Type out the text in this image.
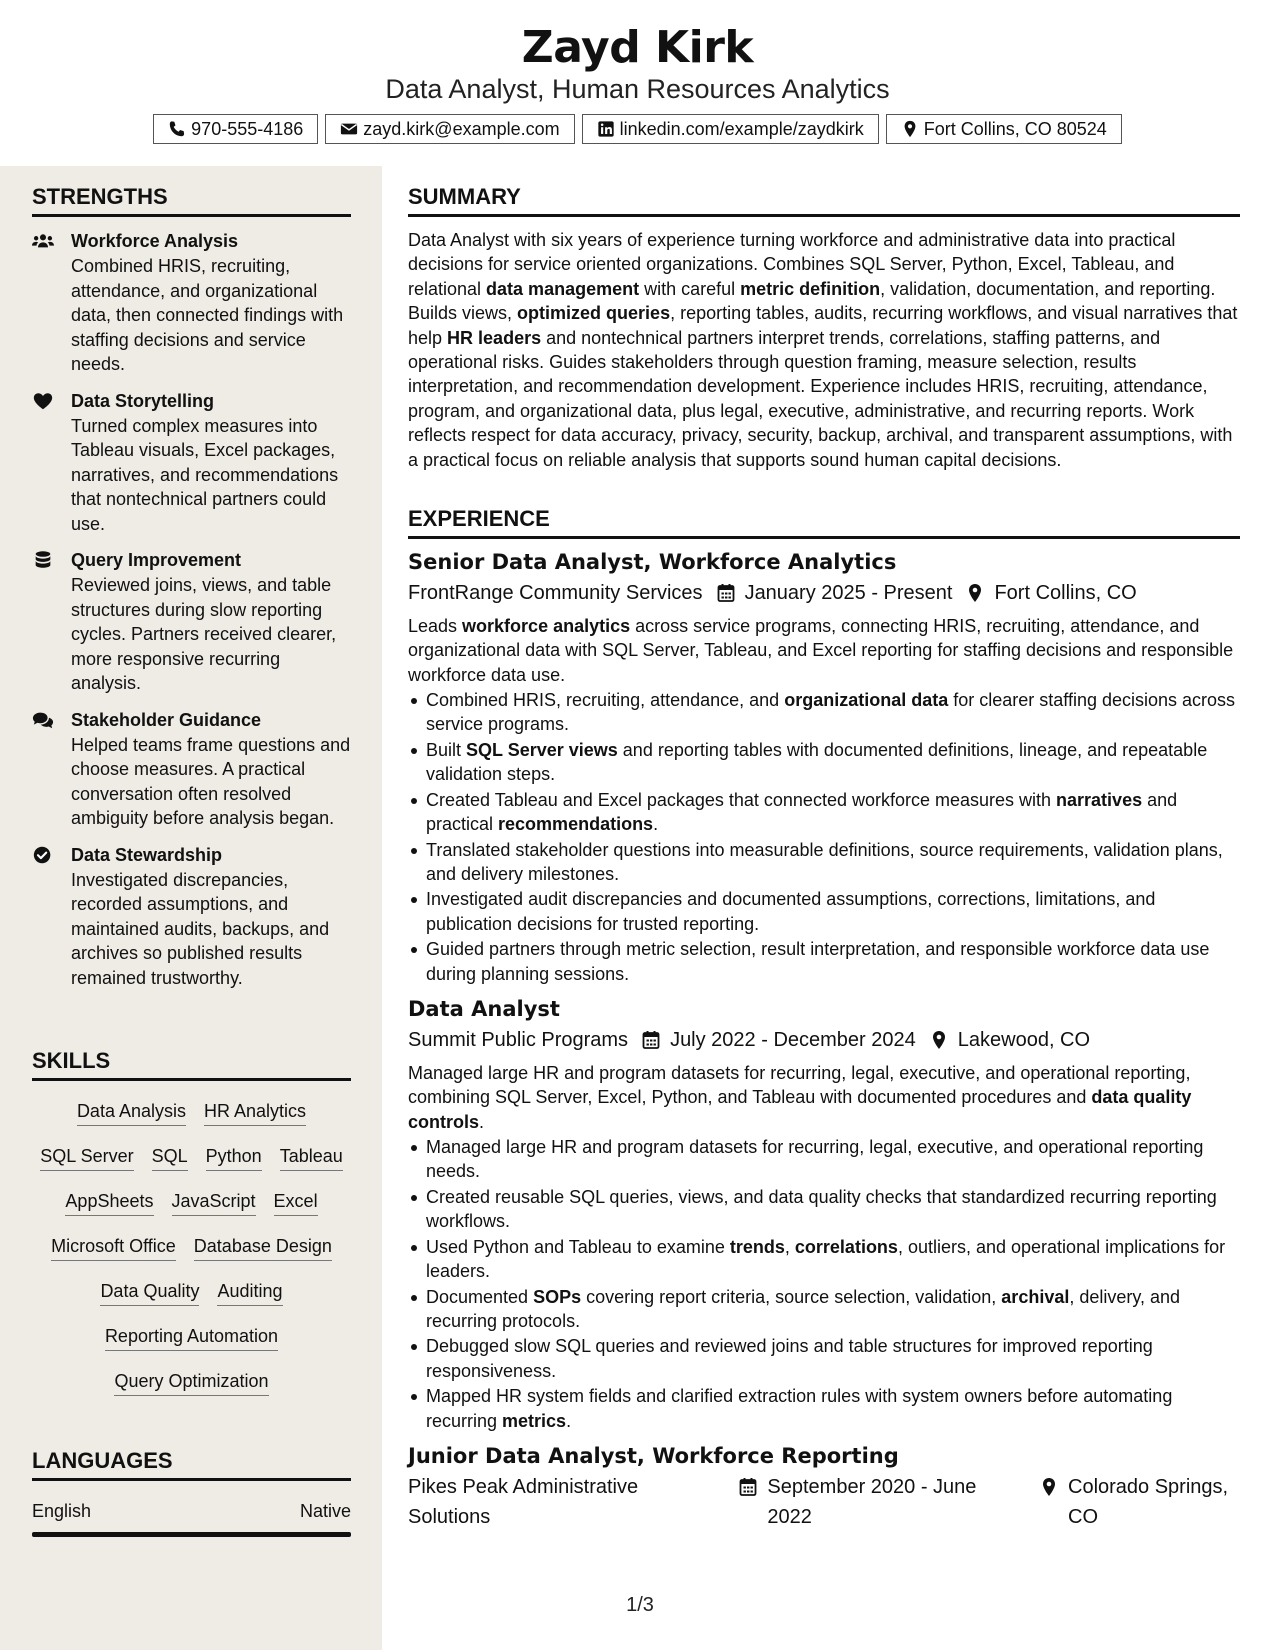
Zayd Kirk
Data Analyst, Human Resources Analytics
970-555-4186	zayd.kirk@example.com	linkedin.com/example/zaydkirk	Fort Collins, CO 80524
STRENGTHS
Workforce Analysis
Combined HRIS, recruiting, attendance, and organizational data, then connected findings with staffing decisions and service needs.
Data Storytelling
Turned complex measures into Tableau visuals, Excel packages, narratives, and recommendations that nontechnical partners could use.
Query Improvement
Reviewed joins, views, and table structures during slow reporting cycles. Partners received clearer, more responsive recurring analysis.
Stakeholder Guidance
Helped teams frame questions and choose measures. A practical conversation often resolved ambiguity before analysis began.
Data Stewardship
Investigated discrepancies, recorded assumptions, and maintained audits, backups, and archives so published results remained trustworthy.
SKILLS
Data Analysis HR Analytics
SQL Server SQL Python Tableau
AppSheets JavaScript Excel
Microsoft Office Database Design
Data Quality Auditing
Reporting Automation
Query Optimization
LANGUAGES
English	Native
SUMMARY

Data Analyst with six years of experience turning workforce and administrative data into practical decisions for service oriented organizations. Combines SQL Server, Python, Excel, Tableau, and relational data management with careful metric definition, validation, documentation, and reporting. Builds views, optimized queries, reporting tables, audits, recurring workflows, and visual narratives that help HR leaders and nontechnical partners interpret trends, correlations, staffing patterns, and operational risks. Guides stakeholders through question framing, measure selection, results interpretation, and recommendation development. Experience includes HRIS, recruiting, attendance, program, and organizational data, plus legal, executive, administrative, and recurring reports. Work reflects respect for data accuracy, privacy, security, backup, archival, and transparent assumptions, with a practical focus on reliable analysis that supports sound human capital decisions.

EXPERIENCE
Senior Data Analyst, Workforce Analytics
FrontRange Community Services January 2025 - Present Fort Collins, CO
Leads workforce analytics across service programs, connecting HRIS, recruiting, attendance, and organizational data with SQL Server, Tableau, and Excel reporting for staffing decisions and responsible workforce data use.
Combined HRIS, recruiting, attendance, and organizational data for clearer staffing decisions across service programs.
Built SQL Server views and reporting tables with documented definitions, lineage, and repeatable validation steps.
Created Tableau and Excel packages that connected workforce measures with narratives and practical recommendations.
Translated stakeholder questions into measurable definitions, source requirements, validation plans, and delivery milestones.
Investigated audit discrepancies and documented assumptions, corrections, limitations, and publication decisions for trusted reporting.
Guided partners through metric selection, result interpretation, and responsible workforce data use during planning sessions.
Data Analyst
Summit Public Programs July 2022 - December 2024 Lakewood, CO
Managed large HR and program datasets for recurring, legal, executive, and operational reporting, combining SQL Server, Excel, Python, and Tableau with documented procedures and data quality controls.
Managed large HR and program datasets for recurring, legal, executive, and operational reporting needs.
Created reusable SQL queries, views, and data quality checks that standardized recurring reporting workflows.
Used Python and Tableau to examine trends, correlations, outliers, and operational implications for leaders.
Documented SOPs covering report criteria, source selection, validation, archival, delivery, and recurring protocols.
Debugged slow SQL queries and reviewed joins and table structures for improved reporting responsiveness.
Mapped HR system fields and clarified extraction rules with system owners before automating recurring metrics.
Junior Data Analyst, Workforce Reporting
Pikes Peak Administrative Solutions
September 2020 - June 2022
Colorado Springs, CO
1/3
